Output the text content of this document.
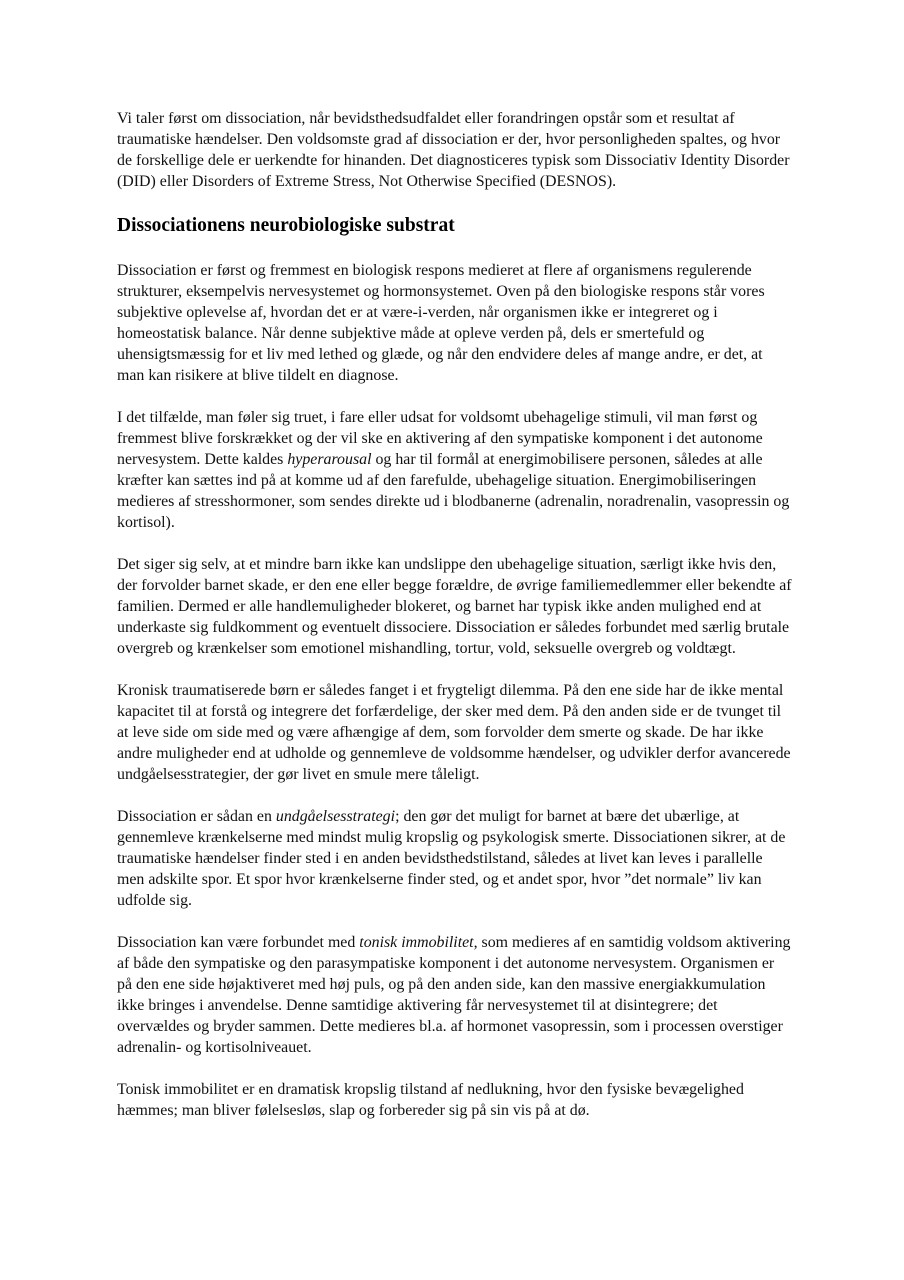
Vi taler først om dissociation, når bevidsthedsudfaldet eller forandringen opstår som et resultat af traumatiske hændelser. Den voldsomste grad af dissociation er der, hvor personligheden spaltes, og hvor de forskellige dele er uerkendte for hinanden. Det diagnosticeres typisk som Dissociativ Identity Disorder (DID) eller Disorders of Extreme Stress, Not Otherwise Specified (DESNOS).

Dissociationens neurobiologiske substrat

Dissociation er først og fremmest en biologisk respons medieret at flere af organismens regulerende strukturer, eksempelvis nervesystemet og hormonsystemet. Oven på den biologiske respons står vores subjektive oplevelse af, hvordan det er at være-i-verden, når organismen ikke er integreret og i homeostatisk balance. Når denne subjektive måde at opleve verden på, dels er smertefuld og uhensigtsmæssig for et liv med lethed og glæde, og når den endvidere deles af mange andre, er det, at man kan risikere at blive tildelt en diagnose.

I det tilfælde, man føler sig truet, i fare eller udsat for voldsomt ubehagelige stimuli, vil man først og fremmest blive forskrækket og der vil ske en aktivering af den sympatiske komponent i det autonome nervesystem. Dette kaldes hyperarousal og har til formål at energimobilisere personen, således at alle kræfter kan sættes ind på at komme ud af den farefulde, ubehagelige situation. Energimobiliseringen medieres af stresshormoner, som sendes direkte ud i blodbanerne (adrenalin, noradrenalin, vasopressin og kortisol).

Det siger sig selv, at et mindre barn ikke kan undslippe den ubehagelige situation, særligt ikke hvis den, der forvolder barnet skade, er den ene eller begge forældre, de øvrige familiemedlemmer eller bekendte af familien. Dermed er alle handlemuligheder blokeret, og barnet har typisk ikke anden mulighed end at underkaste sig fuldkomment og eventuelt dissociere. Dissociation er således forbundet med særlig brutale overgreb og krænkelser som emotionel mishandling, tortur, vold, seksuelle overgreb og voldtægt.

Kronisk traumatiserede børn er således fanget i et frygteligt dilemma. På den ene side har de ikke mental kapacitet til at forstå og integrere det forfærdelige, der sker med dem. På den anden side er de tvunget til at leve side om side med og være afhængige af dem, som forvolder dem smerte og skade. De har ikke andre muligheder end at udholde og gennemleve de voldsomme hændelser, og udvikler derfor avancerede undgåelsesstrategier, der gør livet en smule mere tåleligt.

Dissociation er sådan en undgåelsesstrategi; den gør det muligt for barnet at bære det ubærlige, at gennemleve krænkelserne med mindst mulig kropslig og psykologisk smerte. Dissociationen sikrer, at de traumatiske hændelser finder sted i en anden bevidsthedstilstand, således at livet kan leves i parallelle men adskilte spor. Et spor hvor krænkelserne finder sted, og et andet spor, hvor ”det normale” liv kan udfolde sig.

Dissociation kan være forbundet med tonisk immobilitet, som medieres af en samtidig voldsom aktivering af både den sympatiske og den parasympatiske komponent i det autonome nervesystem. Organismen er på den ene side højaktiveret med høj puls, og på den anden side, kan den massive energiakkumulation ikke bringes i anvendelse. Denne samtidige aktivering får nervesystemet til at disintegrere; det overvældes og bryder sammen. Dette medieres bl.a. af hormonet vasopressin, som i processen overstiger adrenalin- og kortisolniveauet.

Tonisk immobilitet er en dramatisk kropslig tilstand af nedlukning, hvor den fysiske bevægelighed hæmmes; man bliver følelsesløs, slap og forbereder sig på sin vis på at dø.
